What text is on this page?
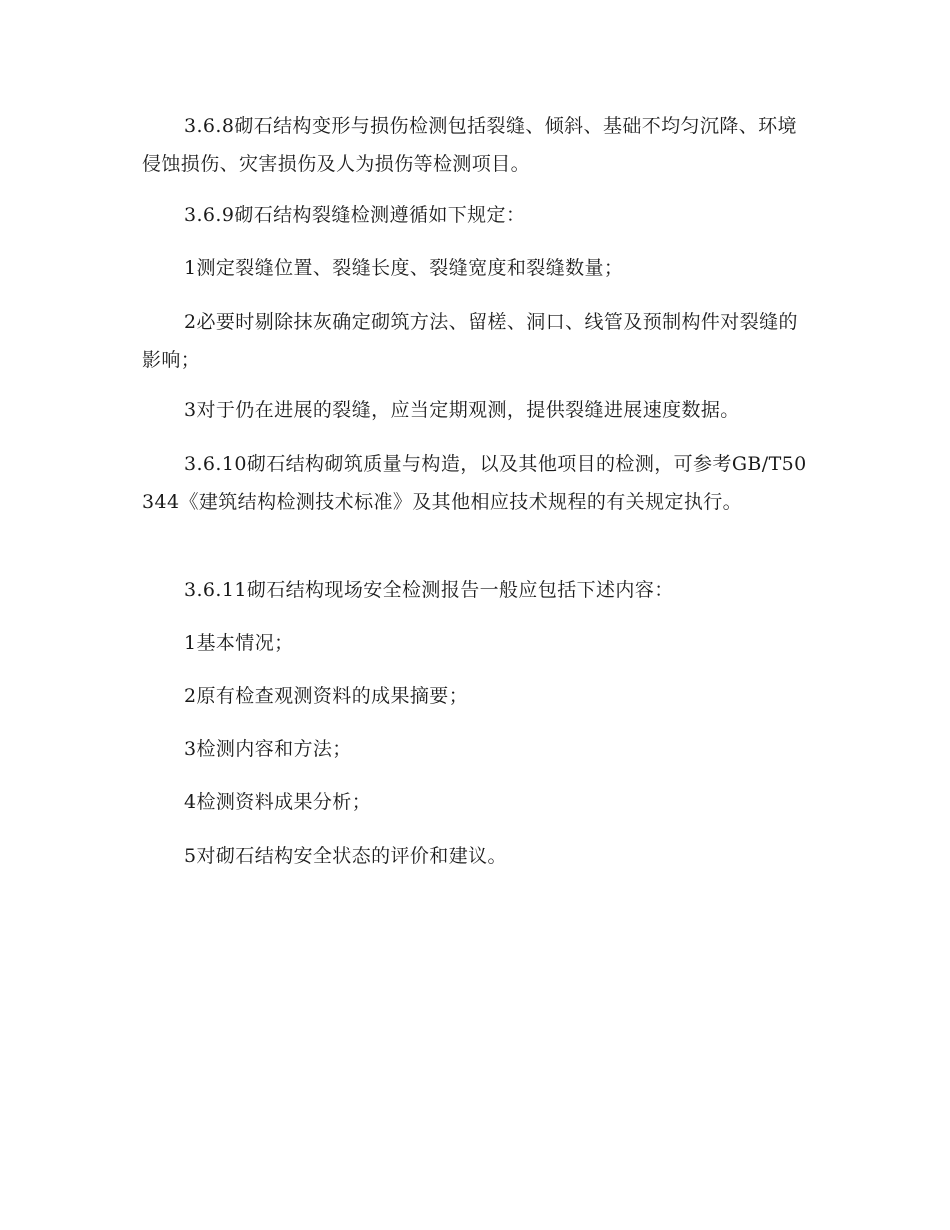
3.6.8砌石结构变形与损伤检测包括裂缝、倾斜、基础不均匀沉降、环境侵蚀损伤、灾害损伤及人为损伤等检测项目。

3.6.9砌石结构裂缝检测遵循如下规定：

1测定裂缝位置、裂缝长度、裂缝宽度和裂缝数量；

2必要时剔除抹灰确定砌筑方法、留槎、洞口、线管及预制构件对裂缝的影响；

3对于仍在进展的裂缝，应当定期观测，提供裂缝进展速度数据。

3.6.10砌石结构砌筑质量与构造，以及其他项目的检测，可参考GB/T50344《建筑结构检测技术标准》及其他相应技术规程的有关规定执行。

3.6.11砌石结构现场安全检测报告一般应包括下述内容：

1基本情况；

2原有检查观测资料的成果摘要；

3检测内容和方法；

4检测资料成果分析；

5对砌石结构安全状态的评价和建议。
